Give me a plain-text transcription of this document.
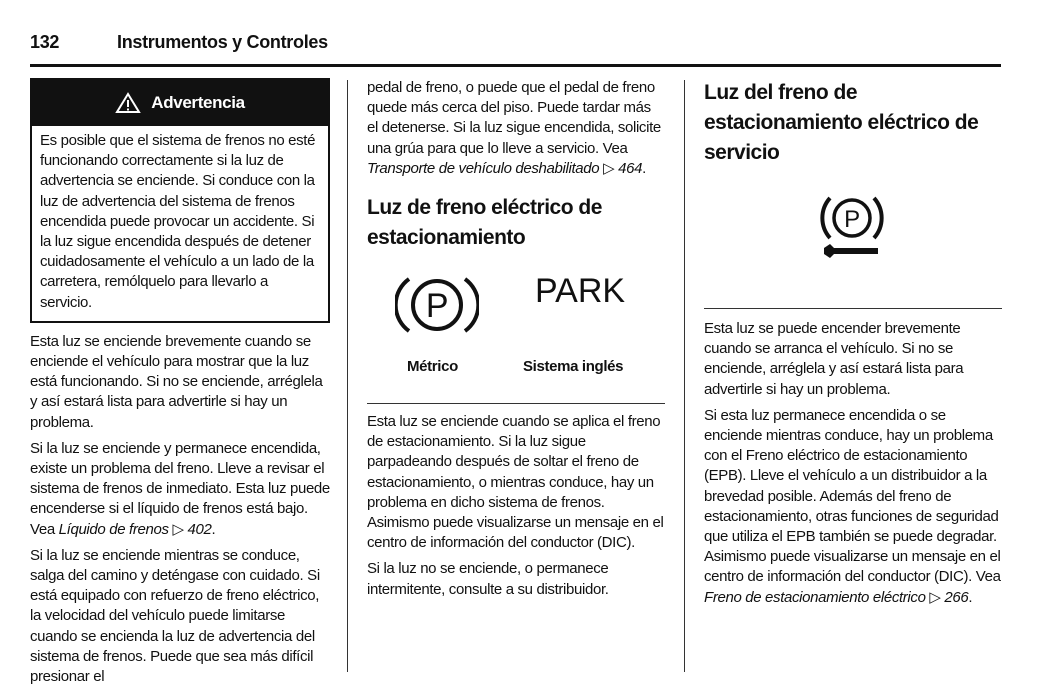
132	Instrumentos y Controles
Advertencia
Es posible que el sistema de frenos no esté funcionando correctamente si la luz de advertencia se enciende. Si conduce con la luz de advertencia del sistema de frenos encendida puede provocar un accidente. Si la luz sigue encendida después de detener cuidadosamente el vehículo a un lado de la carretera, remólquelo para llevarlo a servicio.

Esta luz se enciende brevemente cuando se enciende el vehículo para mostrar que la luz está funcionando. Si no se enciende, arréglela y así estará lista para advertirle si hay un problema.

Si la luz se enciende y permanece encendida, existe un problema del freno. Lleve a revisar el sistema de frenos de inmediato. Esta luz puede encenderse si el líquido de frenos está bajo. Vea Líquido de frenos ▷ 402.

Si la luz se enciende mientras se conduce, salga del camino y deténgase con cuidado. Si está equipado con refuerzo de freno eléctrico, la velocidad del vehículo puede limitarse cuando se encienda la luz de advertencia del sistema de frenos. Puede que sea más difícil presionar el

pedal de freno, o puede que el pedal de freno quede más cerca del piso. Puede tardar más el detenerse. Si la luz sigue encendida, solicite una grúa para que lo lleve a servicio. Vea Transporte de vehículo deshabilitado ▷ 464.

Luz de freno eléctrico de estacionamiento
P	PARK
Métrico	Sistema inglés

Esta luz se enciende cuando se aplica el freno de estacionamiento. Si la luz sigue parpadeando después de soltar el freno de estacionamiento, o mientras conduce, hay un problema en dicho sistema de frenos. Asimismo puede visualizarse un mensaje en el centro de información del conductor (DIC).

Si la luz no se enciende, o permanece intermitente, consulte a su distribuidor.

Luz del freno de estacionamiento eléctrico de servicio
P

Esta luz se puede encender brevemente cuando se arranca el vehículo. Si no se enciende, arréglela y así estará lista para advertirle si hay un problema.

Si esta luz permanece encendida o se enciende mientras conduce, hay un problema con el Freno eléctrico de estacionamiento (EPB). Lleve el vehículo a un distribuidor a la brevedad posible. Además del freno de estacionamiento, otras funciones de seguridad que utiliza el EPB también se puede degradar. Asimismo puede visualizarse un mensaje en el centro de información del conductor (DIC). Vea Freno de estacionamiento eléctrico ▷ 266.
